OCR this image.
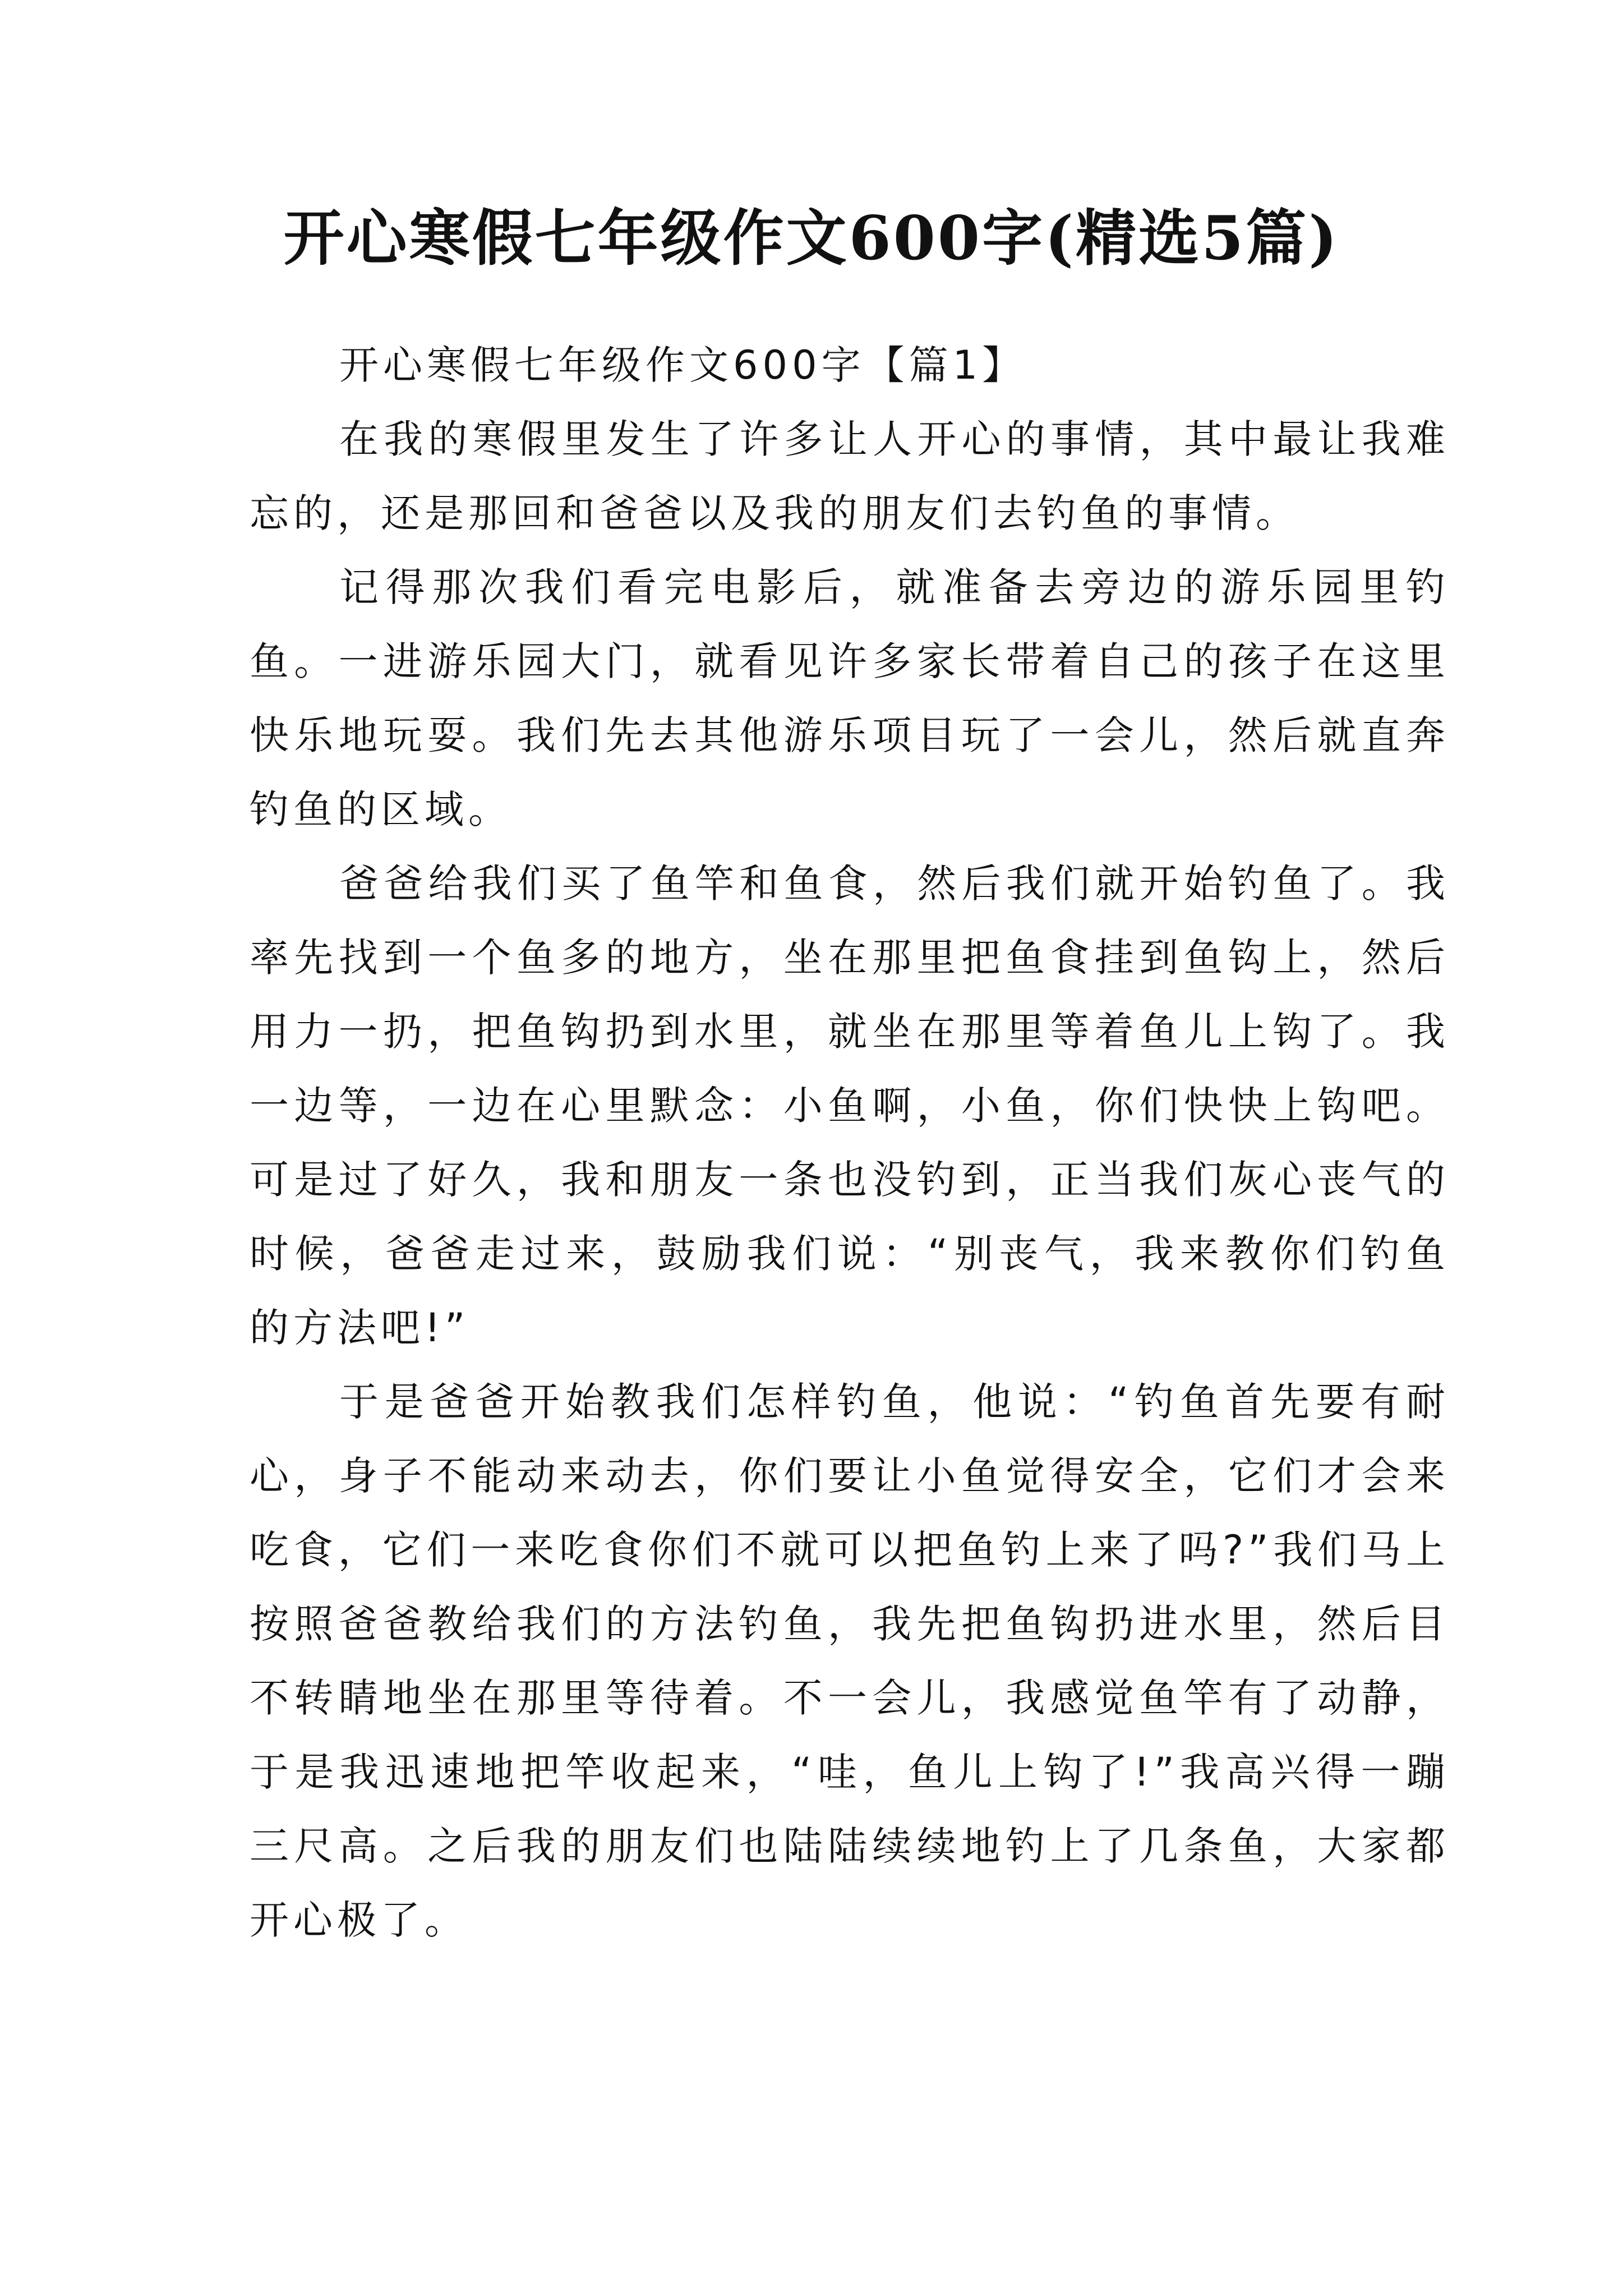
开心寒假七年级作文600字(精选5篇)

开心寒假七年级作文600字【篇1】

在我的寒假里发生了许多让人开心的事情，其中最让我难忘的，还是那回和爸爸以及我的朋友们去钓鱼的事情。

记得那次我们看完电影后，就准备去旁边的游乐园里钓鱼。一进游乐园大门，就看见许多家长带着自己的孩子在这里快乐地玩耍。我们先去其他游乐项目玩了一会儿，然后就直奔钓鱼的区域。

爸爸给我们买了鱼竿和鱼食，然后我们就开始钓鱼了。我率先找到一个鱼多的地方，坐在那里把鱼食挂到鱼钩上，然后用力一扔，把鱼钩扔到水里，就坐在那里等着鱼儿上钩了。我一边等，一边在心里默念：小鱼啊，小鱼，你们快快上钩吧。可是过了好久，我和朋友一条也没钓到，正当我们灰心丧气的时候，爸爸走过来，鼓励我们说：“别丧气，我来教你们钓鱼的方法吧!”

于是爸爸开始教我们怎样钓鱼，他说：“钓鱼首先要有耐心，身子不能动来动去，你们要让小鱼觉得安全，它们才会来吃食，它们一来吃食你们不就可以把鱼钓上来了吗?”我们马上按照爸爸教给我们的方法钓鱼，我先把鱼钩扔进水里，然后目不转睛地坐在那里等待着。不一会儿，我感觉鱼竿有了动静，于是我迅速地把竿收起来，“哇，鱼儿上钩了!”我高兴得一蹦三尺高。之后我的朋友们也陆陆续续地钓上了几条鱼，大家都开心极了。
